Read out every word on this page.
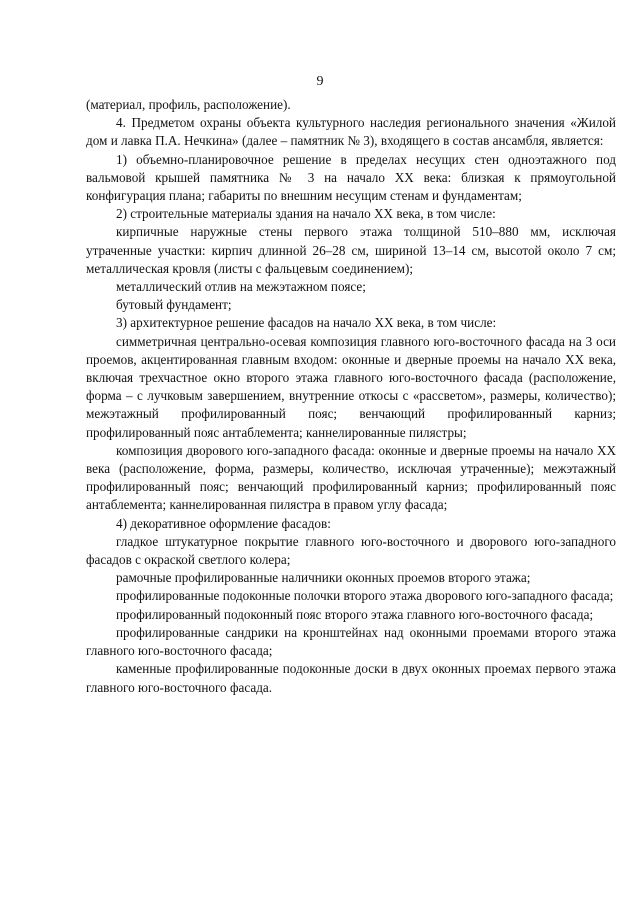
9

(материал, профиль, расположение).

4. Предметом охраны объекта культурного наследия регионального значения «Жилой дом и лавка П.А. Нечкина» (далее – памятник № 3), входящего в состав ансамбля, является:

1) объемно-планировочное решение в пределах несущих стен одноэтажного под вальмовой крышей памятника № 3 на начало XX века: близкая к прямоугольной конфигурация плана; габариты по внешним несущим стенам и фундаментам;

2) строительные материалы здания на начало XX века, в том числе:

кирпичные наружные стены первого этажа толщиной 510–880 мм, исключая утраченные участки: кирпич длинной 26–28 см, шириной 13–14 см, высотой около 7 см; металлическая кровля (листы с фальцевым соединением);

металлический отлив на межэтажном поясе;

бутовый фундамент;

3) архитектурное решение фасадов на начало XX века, в том числе:

симметричная центрально-осевая композиция главного юго-восточного фасада на 3 оси проемов, акцентированная главным входом: оконные и дверные проемы на начало XX века, включая трехчастное окно второго этажа главного юго-восточного фасада (расположение, форма – с лучковым завершением, внутренние откосы с «рассветом», размеры, количество); межэтажный профилированный пояс; венчающий профилированный карниз; профилированный пояс антаблемента; каннелированные пилястры;

композиция дворового юго-западного фасада: оконные и дверные проемы на начало XX века (расположение, форма, размеры, количество, исключая утраченные); межэтажный профилированный пояс; венчающий профилированный карниз; профилированный пояс антаблемента; каннелированная пилястра в правом углу фасада;

4) декоративное оформление фасадов:

гладкое штукатурное покрытие главного юго-восточного и дворового юго-западного фасадов с окраской светлого колера;

рамочные профилированные наличники оконных проемов второго этажа;

профилированные подоконные полочки второго этажа дворового юго-западного фасада;

профилированный подоконный пояс второго этажа главного юго-восточного фасада;

профилированные сандрики на кронштейнах над оконными проемами второго этажа главного юго-восточного фасада;

каменные профилированные подоконные доски в двух оконных проемах первого этажа главного юго-восточного фасада.
